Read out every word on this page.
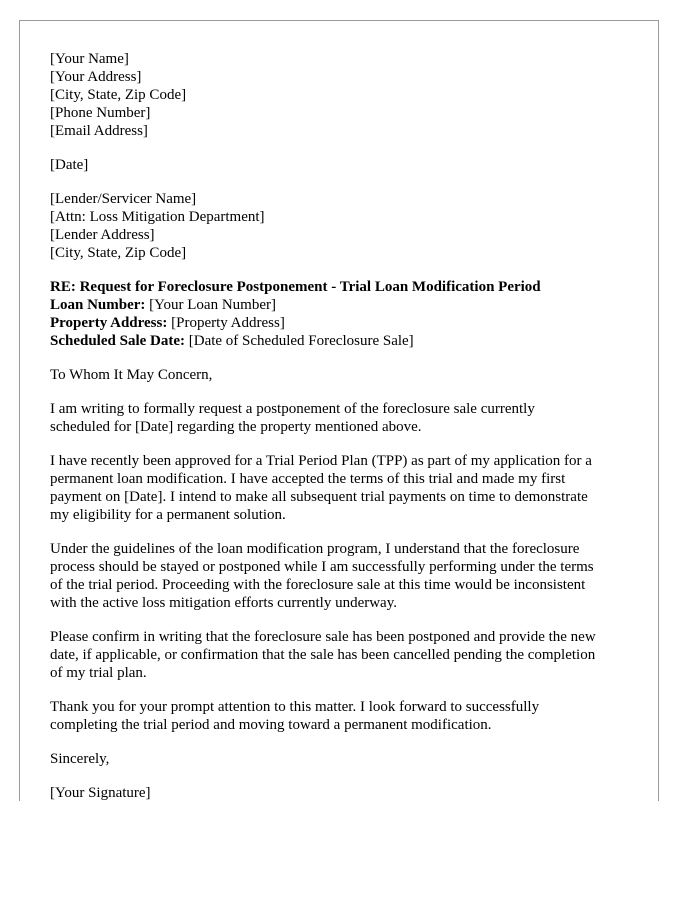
[Your Name]
[Your Address]
[City, State, Zip Code]
[Phone Number]
[Email Address]
[Date]
[Lender/Servicer Name]
[Attn: Loss Mitigation Department]
[Lender Address]
[City, State, Zip Code]
RE: Request for Foreclosure Postponement - Trial Loan Modification Period
Loan Number: [Your Loan Number]
Property Address: [Property Address]
Scheduled Sale Date: [Date of Scheduled Foreclosure Sale]

To Whom It May Concern,

I am writing to formally request a postponement of the foreclosure sale currently
scheduled for [Date] regarding the property mentioned above.

I have recently been approved for a Trial Period Plan (TPP) as part of my application for a
permanent loan modification. I have accepted the terms of this trial and made my first
payment on [Date]. I intend to make all subsequent trial payments on time to demonstrate
my eligibility for a permanent solution.

Under the guidelines of the loan modification program, I understand that the foreclosure
process should be stayed or postponed while I am successfully performing under the terms
of the trial period. Proceeding with the foreclosure sale at this time would be inconsistent
with the active loss mitigation efforts currently underway.

Please confirm in writing that the foreclosure sale has been postponed and provide the new
date, if applicable, or confirmation that the sale has been cancelled pending the completion
of my trial plan.

Thank you for your prompt attention to this matter. I look forward to successfully
completing the trial period and moving toward a permanent modification.

Sincerely,

[Your Signature]
